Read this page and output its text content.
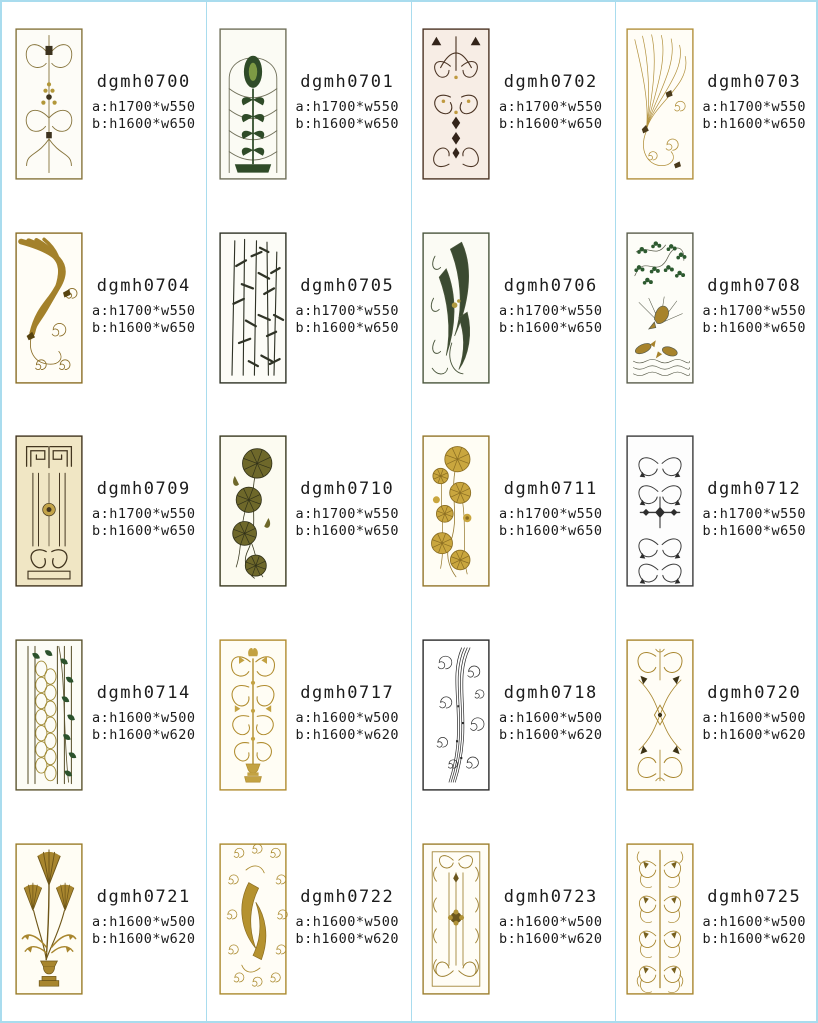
dgmh0700
a:h1700*w550
b:h1600*w650
dgmh0701
a:h1700*w550
b:h1600*w650
dgmh0702
a:h1700*w550
b:h1600*w650
dgmh0703
a:h1700*w550
b:h1600*w650
dgmh0704
a:h1700*w550
b:h1600*w650
dgmh0705
a:h1700*w550
b:h1600*w650
dgmh0706
a:h1700*w550
b:h1600*w650
dgmh0708
a:h1700*w550
b:h1600*w650
dgmh0709
a:h1700*w550
b:h1600*w650
dgmh0710
a:h1700*w550
b:h1600*w650
dgmh0711
a:h1700*w550
b:h1600*w650
dgmh0712
a:h1700*w550
b:h1600*w650
dgmh0714
a:h1600*w500
b:h1600*w620
dgmh0717
a:h1600*w500
b:h1600*w620
dgmh0718
a:h1600*w500
b:h1600*w620
dgmh0720
a:h1600*w500
b:h1600*w620
dgmh0721
a:h1600*w500
b:h1600*w620
dgmh0722
a:h1600*w500
b:h1600*w620
dgmh0723
a:h1600*w500
b:h1600*w620
dgmh0725
a:h1600*w500
b:h1600*w620
